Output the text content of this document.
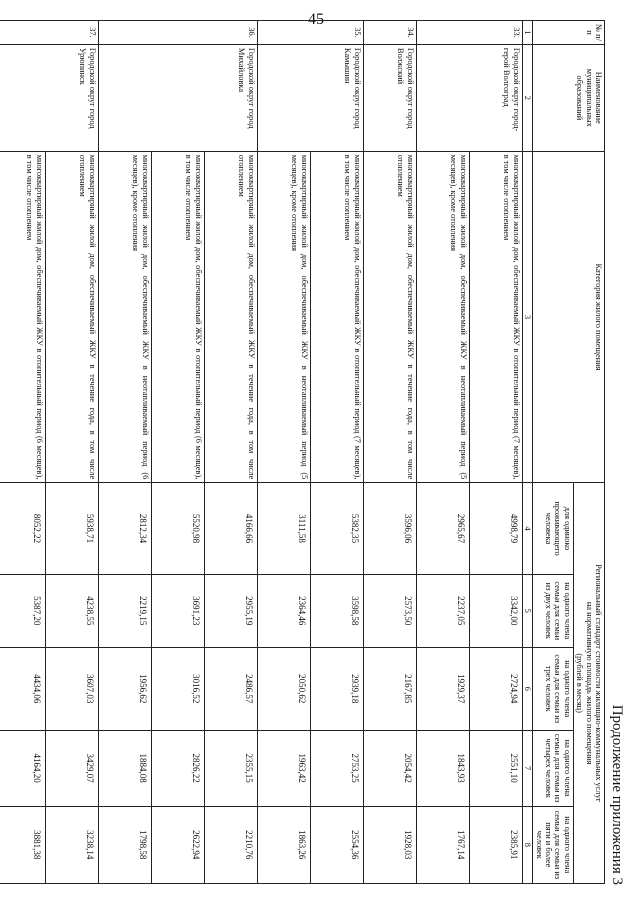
45
Продолжение приложения 3
№ п/п	Наименование муниципальных образований	Категория жилого помещения	Региональный стандарт стоимости жилищно-коммунальных услуг
на нормативную площадь жилого помещения
(рублей в месяц)				

			для одиноко проживающего человека	на одного члена семьи для семьи из двух человек	на одного члена семьи для семьи из трех человек	на одного члена семьи для семьи из четырех человек	на одного члена семьи для семьи из пяти и более человек
1	2	3	4	5	6	7	8
33.	Городской округ город-герой Волгоград	многоквартирный жилой дом, обеспечиваемый ЖКУ в отопительный период (7 месяцев), в том числе отоплением	4998,79	3342,00	2724,94	2551,10	2385,91
		многоквартирный жилой дом, обеспечиваемый ЖКУ в неотапливаемый период (5 месяцев), кроме отопления	2965,67	2237,05	1929,37	1843,93	1767,14
34.	Городской округ город Волжский	многоквартирный жилой дом, обеспечиваемый ЖКУ в течение года, в том числе отоплением	3596,06	2573,50	2167,85	2054,42	1928,03
35.	Городской округ город Камышин	многоквартирный жилой дом, обеспечиваемый ЖКУ в отопительный период (7 месяцев), в том числе отоплением	5382,35	3598,58	2939,18	2753,25	2554,36
		многоквартирный жилой дом, обеспечиваемый ЖКУ в неотапливаемый период (5 месяцев), кроме отопления	3111,58	2364,46	2050,62	1963,42	1863,26
36.	Городской округ город Михайловка	многоквартирный жилой дом, обеспечиваемый ЖКУ в течение года, в том числе отоплением	4166,66	2955,19	2486,57	2355,15	2210,76
		многоквартирный жилой дом, обеспечиваемый ЖКУ в отопительный период (6 месяцев), в том числе отоплением	5520,98	3691,23	3016,52	2826,22	2622,94
		многоквартирный жилой дом, обеспечиваемый ЖКУ в неотапливаемый период (6 месяцев), кроме отопления	2812,34	2219,15	1956,62	1884,08	1798,58
37.	Городской округ город Урюпинск	многоквартирный жилой дом, обеспечиваемый ЖКУ в течение года, в том числе отоплением	5938,71	4238,55	3607,03	3429,07	3238,14
		многоквартирный жилой дом, обеспечиваемый ЖКУ в отопительный период (6 месяцев), в том числе отоплением	8052,22	5387,20	4434,06	4164,20	3881,38
